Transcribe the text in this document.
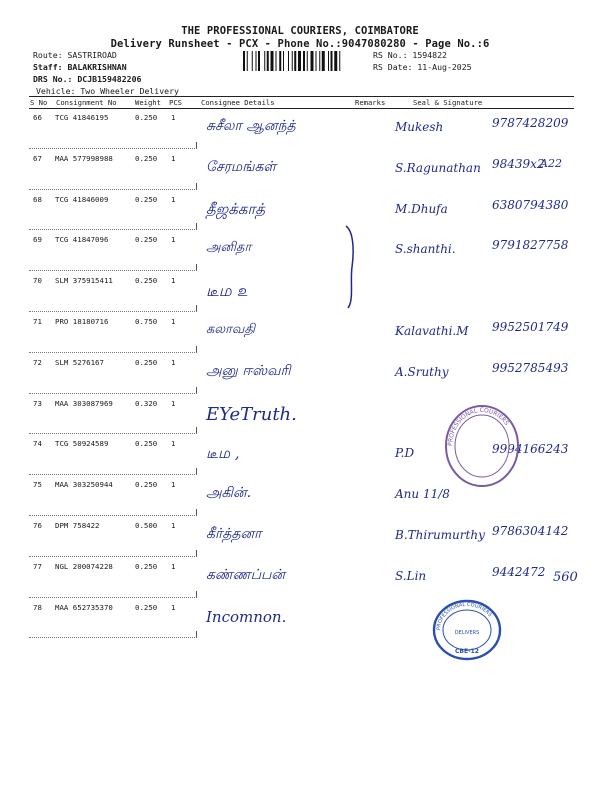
THE PROFESSIONAL COURIERS, COIMBATORE
Delivery Runsheet - PCX - Phone No.:9047080280 - Page No.:6
Route: SASTRIROAD
Staff: BALAKRISHNAN
DRS No.: DCJB159482206
Vehicle: Two Wheeler Delivery
RS No.: 1594822
RS Date: 11-Aug-2025
S No Consignment No	Weight PCS	Consignee Details	Remarks	Seal & Signature
66 TCG 41846195	0.250 1
சுசீலா ஆனந்த்	Mukesh	9787428209
67 MAA 577998988	0.250 1
சேரமங்கள்	S.Ragunathan 98439x2
68 TCG 41846009	0.250 1
தீஜக்காத்	M.Dhufa	6380794380
69 TCG 41847096	0.250 1
அனிதா	S.shanthi.	9791827758
70 SLM 375915411	0.250 1
டீம ௨
71 PRO 18180716	0.750 1
கலாவதி	Kalavathi.M 9952501749
72 SLM 5276167	0.250 1
அனு ஈஸ்வரி	A.Sruthy	9952785493
73 MAA 303087969	0.320 1
EYeTruth.
74 TCG 50924589	0.250 1
டீம ,	P.D	9994166243
75 MAA 303250944	0.250 1
அகின்.	Anu 11/8
76 DPM 758422	0.500 1
கீர்த்தனா	B.Thirumurthy 9786304142
77 NGL 200074228	0.250 1
கண்ணப்பன்	S.Lin	9442472
78 MAA 652735370	0.250 1
Incomnon.
PROFESSIONAL COURIERS
PROFESSIONAL COURIERS
DELIVERS
CBE-12
560
A22
